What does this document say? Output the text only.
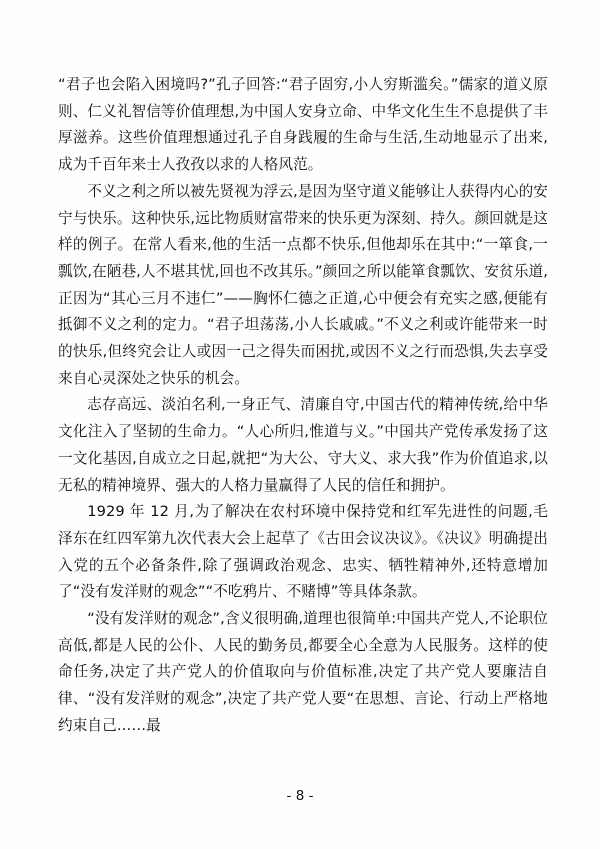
“君子也会陷入困境吗?”孔子回答:“君子固穷,小人穷斯滥矣。”儒家的道义原则、仁义礼智信等价值理想,为中国人安身立命、中华文化生生不息提供了丰厚滋养。这些价值理想通过孔子自身践履的生命与生活,生动地显示了出来,成为千百年来士人孜孜以求的人格风范。

不义之利之所以被先贤视为浮云,是因为坚守道义能够让人获得内心的安宁与快乐。这种快乐,远比物质财富带来的快乐更为深刻、持久。颜回就是这样的例子。在常人看来,他的生活一点都不快乐,但他却乐在其中:“一箪食,一瓢饮,在陋巷,人不堪其忧,回也不改其乐。”颜回之所以能箪食瓢饮、安贫乐道,正因为“其心三月不违仁”——胸怀仁德之正道,心中便会有充实之感,便能有抵御不义之利的定力。“君子坦荡荡,小人长戚戚。”不义之利或许能带来一时的快乐,但终究会让人或因一己之得失而困扰,或因不义之行而恐惧,失去享受来自心灵深处之快乐的机会。

志存高远、淡泊名利,一身正气、清廉自守,中国古代的精神传统,给中华文化注入了坚韧的生命力。“人心所归,惟道与义。”中国共产党传承发扬了这一文化基因,自成立之日起,就把“为大公、守大义、求大我”作为价值追求,以无私的精神境界、强大的人格力量赢得了人民的信任和拥护。

1929 年 12 月,为了解决在农村环境中保持党和红军先进性的问题,毛泽东在红四军第九次代表大会上起草了《古田会议决议》。《决议》明确提出入党的五个必备条件,除了强调政治观念、忠实、牺牲精神外,还特意增加了“没有发洋财的观念”“不吃鸦片、不赌博”等具体条款。

“没有发洋财的观念”,含义很明确,道理也很简单:中国共产党人,不论职位高低,都是人民的公仆、人民的勤务员,都要全心全意为人民服务。这样的使命任务,决定了共产党人的价值取向与价值标准,决定了共产党人要廉洁自律、“没有发洋财的观念”,决定了共产党人要“在思想、言论、行动上严格地约束自己……最

- 8 -
